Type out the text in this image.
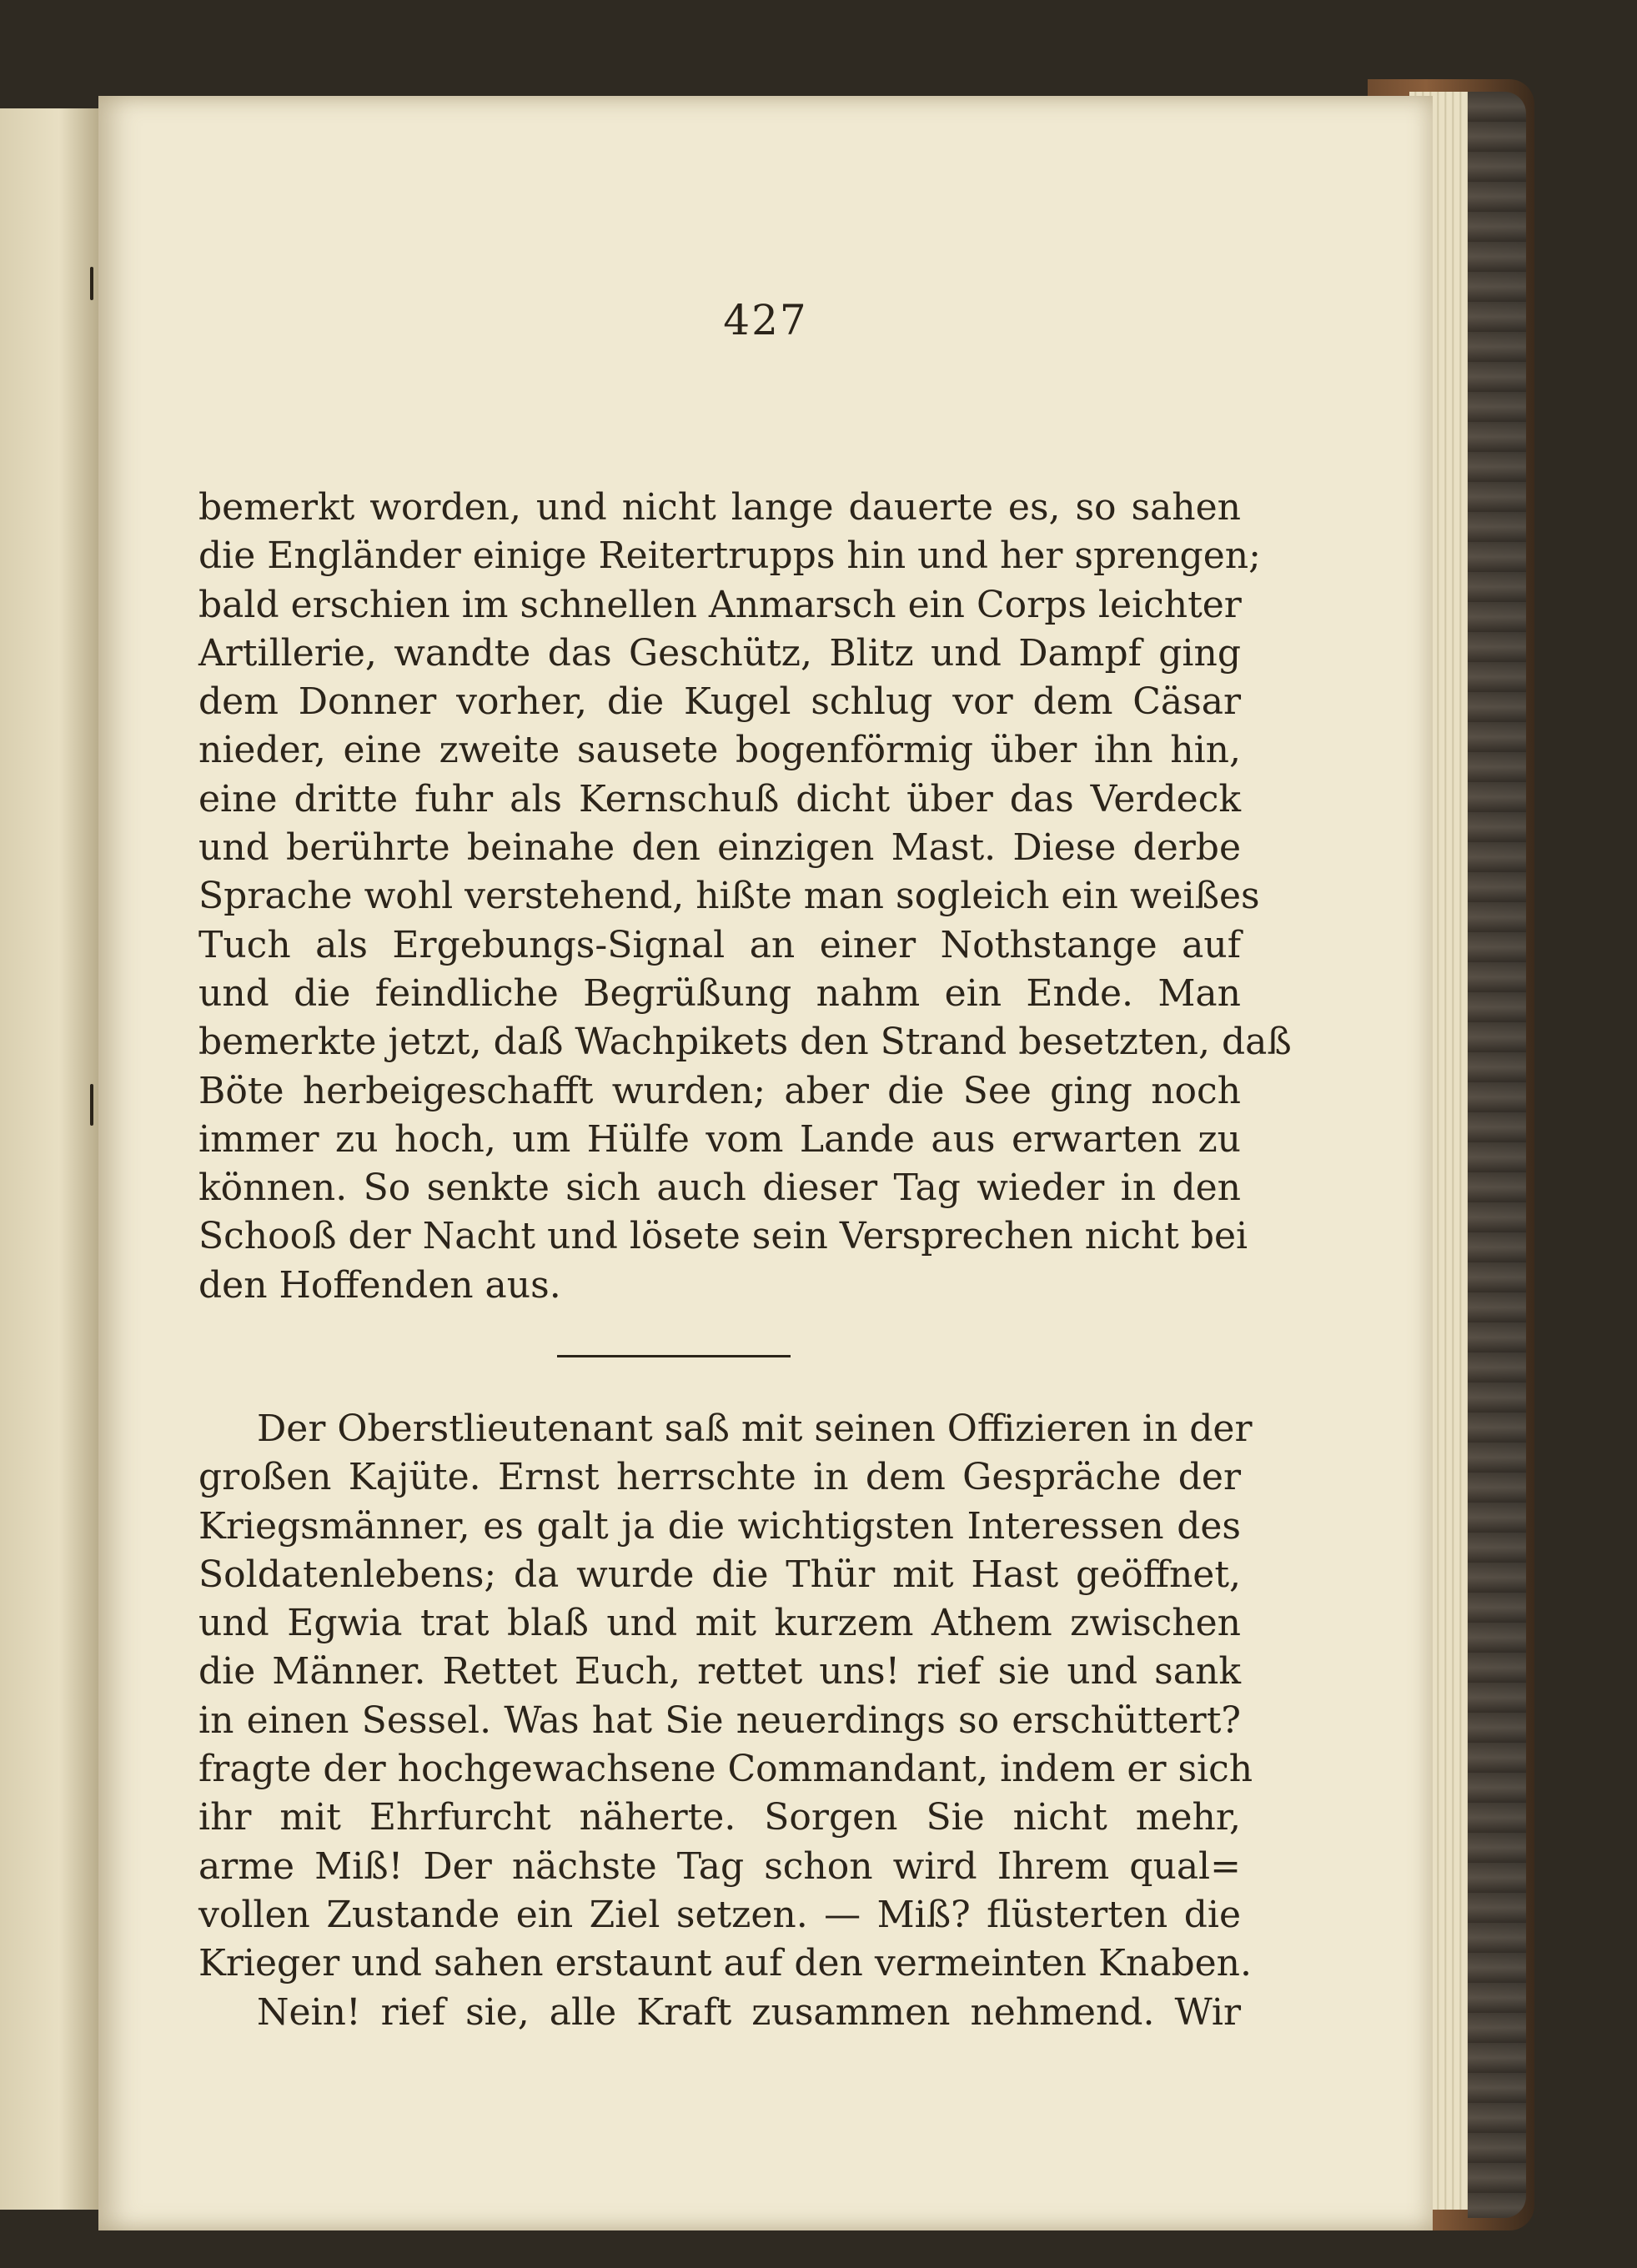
427
bemerkt worden, und nicht lange dauerte es, so sahen
die Engländer einige Reitertrupps hin und her sprengen;
bald erschien im schnellen Anmarsch ein Corps leichter
Artillerie, wandte das Geschütz, Blitz und Dampf ging
dem Donner vorher, die Kugel schlug vor dem Cäsar
nieder, eine zweite sausete bogenförmig über ihn hin,
eine dritte fuhr als Kernschuß dicht über das Verdeck
und berührte beinahe den einzigen Mast. Diese derbe
Sprache wohl verstehend, hißte man sogleich ein weißes
Tuch als Ergebungs-Signal an einer Nothstange auf
und die feindliche Begrüßung nahm ein Ende. Man
bemerkte jetzt, daß Wachpikets den Strand besetzten, daß
Böte herbeigeschafft wurden; aber die See ging noch
immer zu hoch, um Hülfe vom Lande aus erwarten zu
können. So senkte sich auch dieser Tag wieder in den
Schooß der Nacht und lösete sein Versprechen nicht bei
den Hoffenden aus.
Der Oberstlieutenant saß mit seinen Offizieren in der
großen Kajüte. Ernst herrschte in dem Gespräche der
Kriegsmänner, es galt ja die wichtigsten Interessen des
Soldatenlebens; da wurde die Thür mit Hast geöffnet,
und Egwia trat blaß und mit kurzem Athem zwischen
die Männer. Rettet Euch, rettet uns! rief sie und sank
in einen Sessel. Was hat Sie neuerdings so erschüttert?
fragte der hochgewachsene Commandant, indem er sich
ihr mit Ehrfurcht näherte. Sorgen Sie nicht mehr,
arme Miß! Der nächste Tag schon wird Ihrem qual=
vollen Zustande ein Ziel setzen. — Miß? flüsterten die
Krieger und sahen erstaunt auf den vermeinten Knaben.
Nein! rief sie, alle Kraft zusammen nehmend. Wir
